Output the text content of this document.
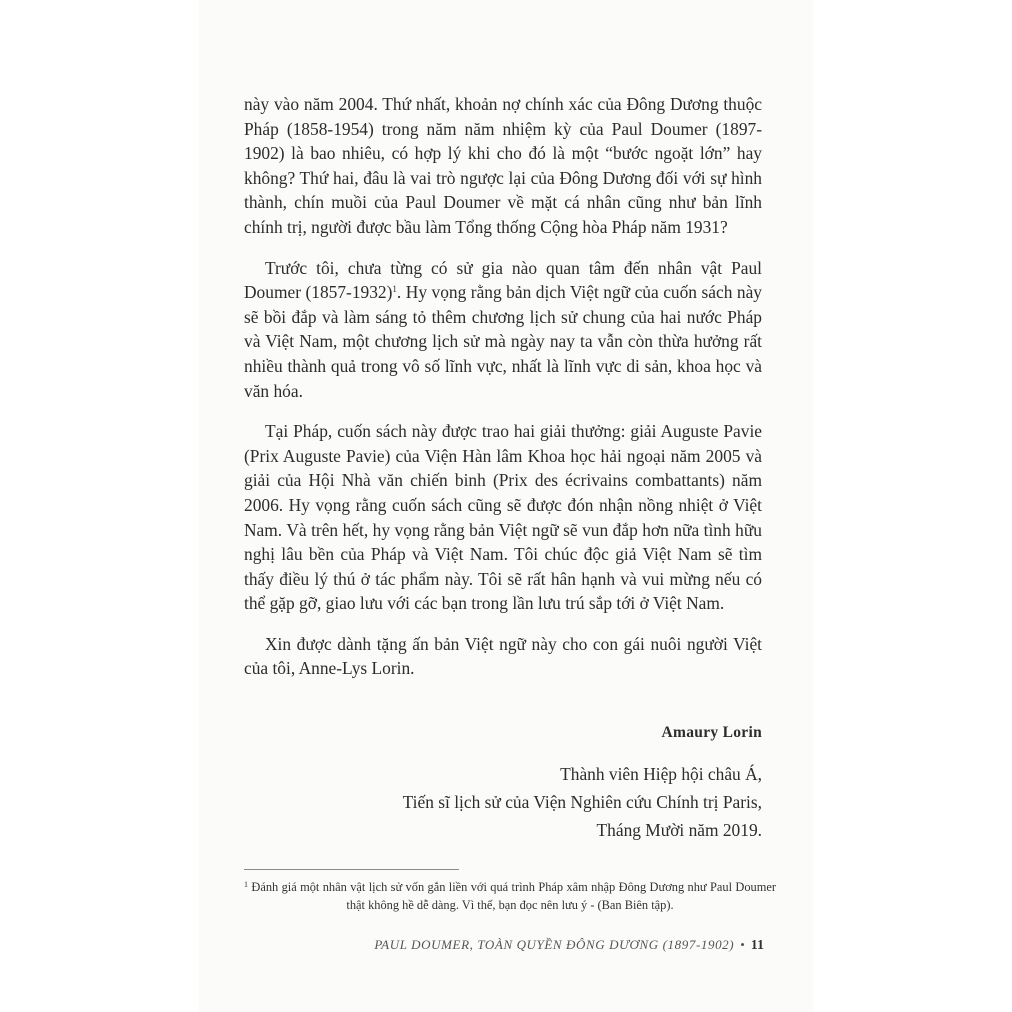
này vào năm 2004. Thứ nhất, khoản nợ chính xác của Đông Dương thuộc Pháp (1858-1954) trong năm năm nhiệm kỳ của Paul Doumer (1897-1902) là bao nhiêu, có hợp lý khi cho đó là một “bước ngoặt lớn” hay không? Thứ hai, đâu là vai trò ngược lại của Đông Dương đối với sự hình thành, chín muồi của Paul Doumer về mặt cá nhân cũng như bản lĩnh chính trị, người được bầu làm Tổng thống Cộng hòa Pháp năm 1931?

Trước tôi, chưa từng có sử gia nào quan tâm đến nhân vật Paul Doumer (1857-1932)$^1$. Hy vọng rằng bản dịch Việt ngữ của cuốn sách này sẽ bồi đắp và làm sáng tỏ thêm chương lịch sử chung của hai nước Pháp và Việt Nam, một chương lịch sử mà ngày nay ta vẫn còn thừa hưởng rất nhiều thành quả trong vô số lĩnh vực, nhất là lĩnh vực di sản, khoa học và văn hóa.

Tại Pháp, cuốn sách này được trao hai giải thưởng: giải Auguste Pavie (Prix Auguste Pavie) của Viện Hàn lâm Khoa học hải ngoại năm 2005 và giải của Hội Nhà văn chiến binh (Prix des écrivains combattants) năm 2006. Hy vọng rằng cuốn sách cũng sẽ được đón nhận nồng nhiệt ở Việt Nam. Và trên hết, hy vọng rằng bản Việt ngữ sẽ vun đắp hơn nữa tình hữu nghị lâu bền của Pháp và Việt Nam. Tôi chúc độc giả Việt Nam sẽ tìm thấy điều lý thú ở tác phẩm này. Tôi sẽ rất hân hạnh và vui mừng nếu có thể gặp gỡ, giao lưu với các bạn trong lần lưu trú sắp tới ở Việt Nam.

Xin được dành tặng ấn bản Việt ngữ này cho con gái nuôi người Việt của tôi, Anne-Lys Lorin.

Amaury Lorin
Thành viên Hiệp hội châu Á,
Tiến sĩ lịch sử của Viện Nghiên cứu Chính trị Paris,
Tháng Mười năm 2019.
$^1$ Đánh giá một nhân vật lịch sử vốn gắn liền với quá trình Pháp xâm nhập Đông Dương như Paul Doumer thật không hề dễ dàng. Vì thế, bạn đọc nên lưu ý - (Ban Biên tập).
PAUL DOUMER, TOÀN QUYỀN ĐÔNG DƯƠNG (1897-1902) • 11
